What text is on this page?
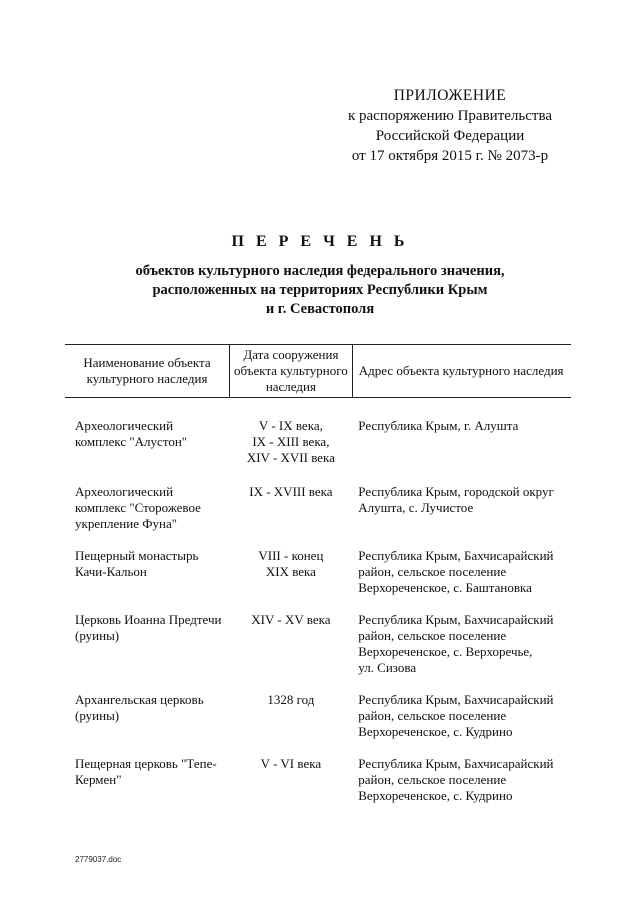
ПРИЛОЖЕНИЕ
к распоряжению Правительства
Российской Федерации
от 17 октября 2015 г. № 2073-р
П Е Р Е Ч Е Н Ь
объектов культурного наследия федерального значения,
расположенных на территориях Республики Крым
и г. Севастополя
Наименование объекта
культурного наследия	Дата сооружения
объекта культурного
наследия	Адрес объекта культурного наследия

Археологический
комплекс "Алустон"	V - IX века,
IX - XIII века,
XIV - XVII века	Республика Крым, г. Алушта

Археологический
комплекс "Сторожевое
укрепление Фуна"	IX - XVIII века	Республика Крым, городской округ
Алушта, с. Лучистое

Пещерный монастырь
Качи-Кальон	VIII - конец
XIX века	Республика Крым, Бахчисарайский
район, сельское поселение
Верхореченское, с. Баштановка

Церковь Иоанна Предтечи
(руины)	XIV - XV века	Республика Крым, Бахчисарайский
район, сельское поселение
Верхореченское, с. Верхоречье,
ул. Сизова

Архангельская церковь
(руины)	1328 год	Республика Крым, Бахчисарайский
район, сельское поселение
Верхореченское, с. Кудрино

Пещерная церковь "Тепе-
Кермен"	V - VI века	Республика Крым, Бахчисарайский
район, сельское поселение
Верхореченское, с. Кудрино
2779037.doc
